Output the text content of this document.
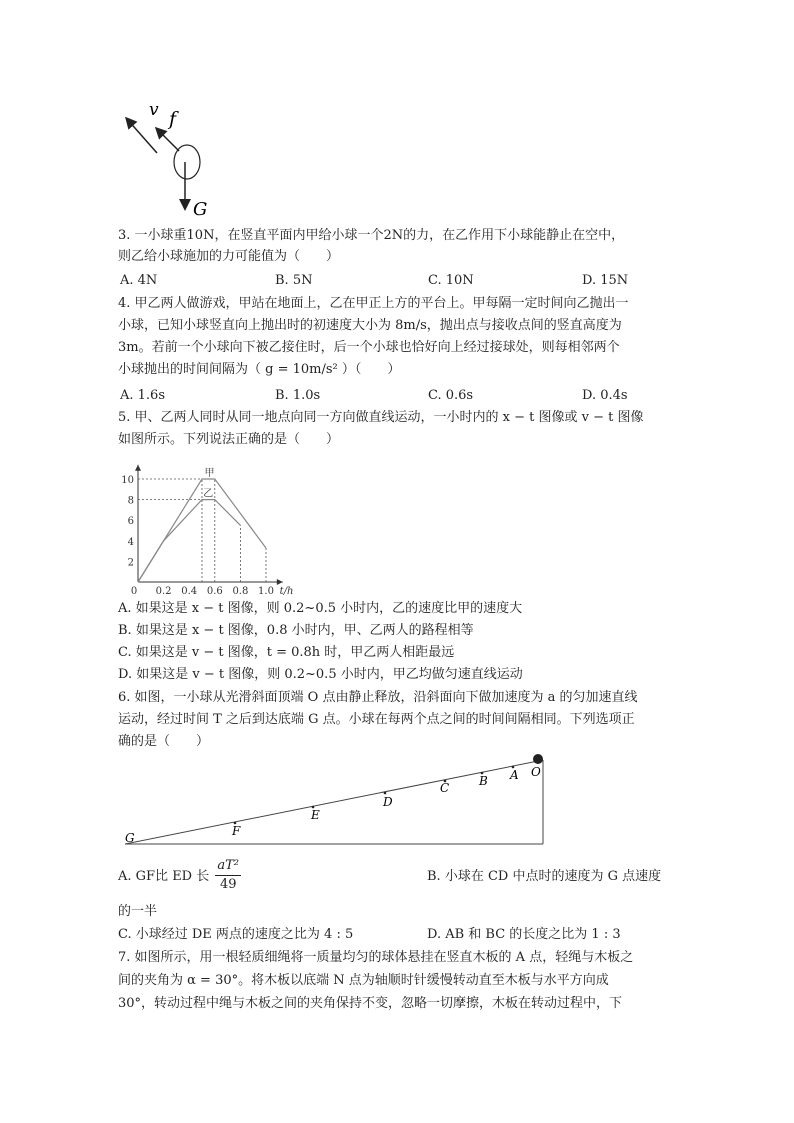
v f
G
3. 一小球重10N，在竖直平面内甲给小球一个2N的力，在乙作用下小球能静止在空中，
则乙给小球施加的力可能值为（　　）
A. 4N	B. 5N	C. 10N	D. 15N
4. 甲乙两人做游戏，甲站在地面上，乙在甲正上方的平台上。甲每隔一定时间向乙抛出一
小球，已知小球竖直向上抛出时的初速度大小为 8m/s，抛出点与接收点间的竖直高度为
3m。若前一个小球向下被乙接住时，后一个小球也恰好向上经过接球处，则每相邻两个
小球抛出的时间间隔为（ g = 10m/s² ）（　　）
A. 1.6s	B. 1.0s	C. 0.6s	D. 0.4s
5. 甲、乙两人同时从同一地点向同一方向做直线运动，一小时内的 x − t 图像或 v − t 图像
如图所示。下列说法正确的是（　　）
2
4
6
8
10
0 0.2 0.4 0.6 0.8 1.0 t/h
甲
乙
A. 如果这是 x − t 图像，则 0.2~0.5 小时内，乙的速度比甲的速度大
B. 如果这是 x − t 图像，0.8 小时内，甲、乙两人的路程相等
C. 如果这是 v − t 图像，t = 0.8h 时，甲乙两人相距最远
D. 如果这是 v − t 图像，则 0.2~0.5 小时内，甲乙均做匀速直线运动
6. 如图，一小球从光滑斜面顶端 O 点由静止释放，沿斜面向下做加速度为 a 的匀加速直线
运动，经过时间 T 之后到达底端 G 点。小球在每两个点之间的时间间隔相同。下列选项正
确的是（　　）
O
A
B
C
D
E
F
G
A. GF比 ED 长 $\frac{\text{aT²}}{49}$	B. 小球在 CD 中点时的速度为 G 点速度
的一半
C. 小球经过 DE 两点的速度之比为 4 : 5	D. AB 和 BC 的长度之比为 1 : 3
7. 如图所示，用一根轻质细绳将一质量均匀的球体悬挂在竖直木板的 A 点，轻绳与木板之
间的夹角为 α = 30°。将木板以底端 N 点为轴顺时针缓慢转动直至木板与水平方向成
30°，转动过程中绳与木板之间的夹角保持不变，忽略一切摩擦，木板在转动过程中，下
